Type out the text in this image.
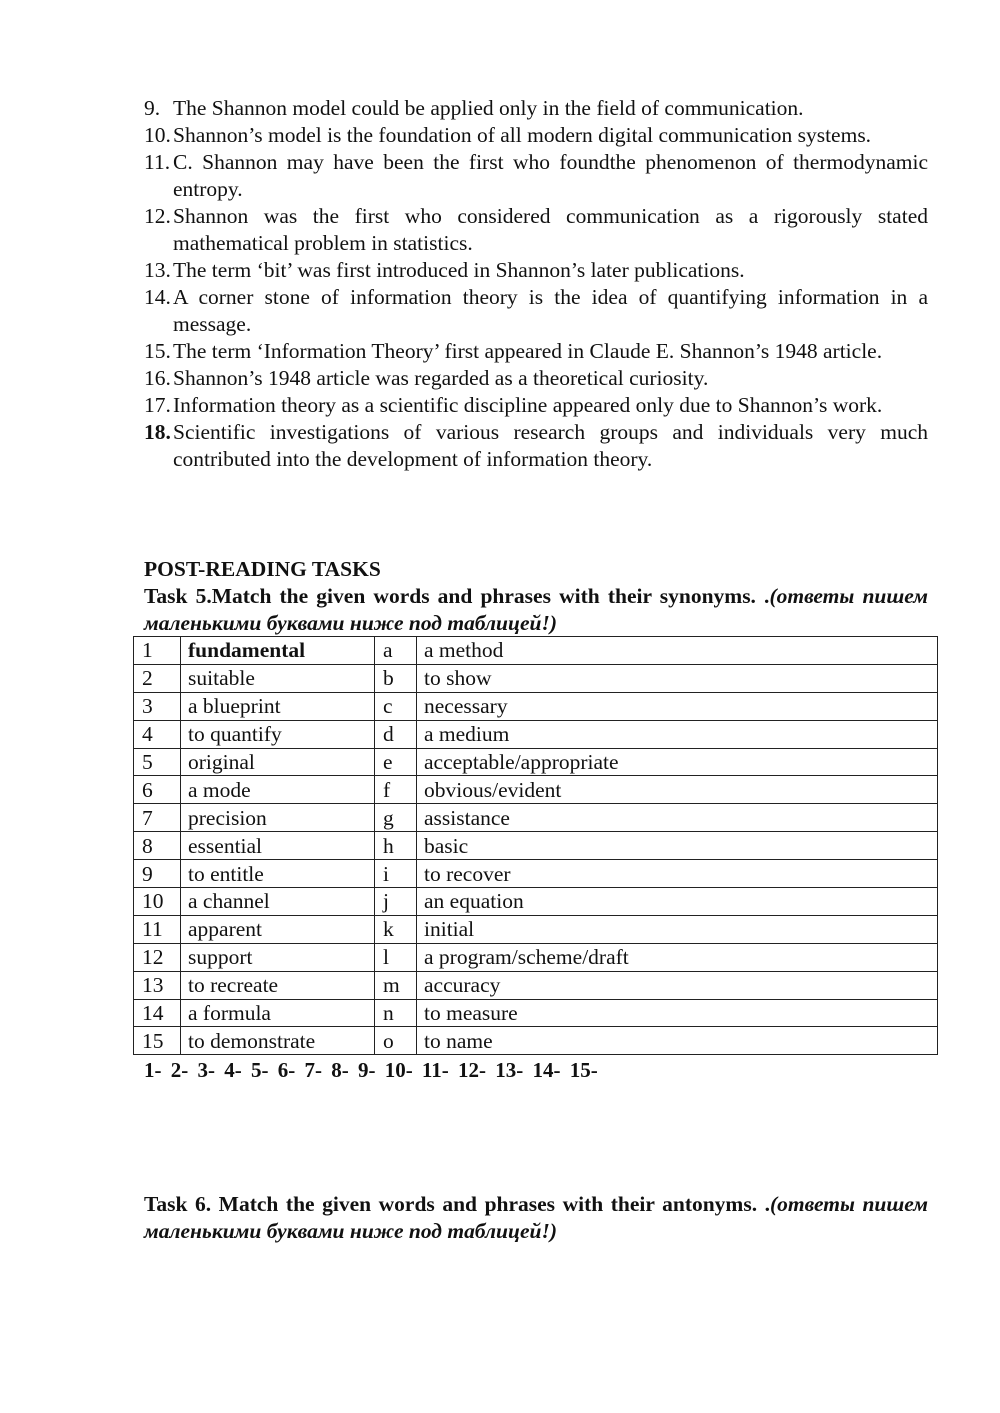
9. The Shannon model could be applied only in the field of communication.
10. Shannon’s model is the foundation of all modern digital communication systems.
11. C. Shannon may have been the first who foundthe phenomenon of thermodynamic entropy.
12. Shannon was the first who considered communication as a rigorously stated mathematical problem in statistics.
13. The term ‘bit’ was first introduced in Shannon’s later publications.
14. A corner stone of information theory is the idea of quantifying information in a message.
15. The term ‘Information Theory’ first appeared in Claude E. Shannon’s 1948 article.
16. Shannon’s 1948 article was regarded as a theoretical curiosity.
17. Information theory as a scientific discipline appeared only due to Shannon’s work.
18. Scientific investigations of various research groups and individuals very much contributed into the development of information theory.
POST-READING TASKS
Task 5.Match the given words and phrases with their synonyms. .(ответы пишем маленькими буквами ниже под таблицей!)
1	fundamental	a	a method
2	suitable	b	to show
3	a blueprint	c	necessary
4	to quantify	d	a medium
5	original	e	acceptable/appropriate
6	a mode	f	obvious/evident
7	precision	g	assistance
8	essential	h	basic
9	to entitle	i	to recover
10	a channel	j	an equation
11	apparent	k	initial
12	support	l	a program/scheme/draft
13	to recreate	m	accuracy
14	a formula	n	to measure
15	to demonstrate	o	to name
1- 2- 3- 4- 5- 6- 7- 8- 9- 10- 11- 12- 13- 14- 15-
Task 6. Match the given words and phrases with their antonyms. .(ответы пишем маленькими буквами ниже под таблицей!)
